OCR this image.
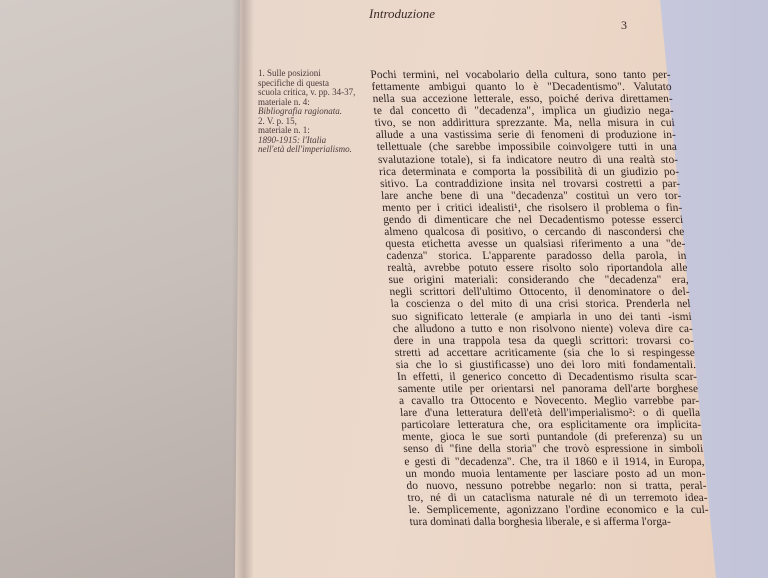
Introduzione
3
1. Sulle posizioni
specifiche di questa
scuola critica, v. pp. 34-37,
materiale n. 4:
Bibliografia ragionata.
2. V. p. 15,
materiale n. 1:
1890-1915: l'Italia
nell'età dell'imperialismo.
Pochi termini, nel vocabolario della cultura, sono tanto per-
fettamente ambigui quanto lo è "Decadentismo". Valutato
nella sua accezione letterale, esso, poiché deriva direttamen-
te dal concetto di "decadenza", implica un giudizio nega-
tivo, se non addirittura sprezzante. Ma, nella misura in cui
allude a una vastissima serie di fenomeni di produzione in-
tellettuale (che sarebbe impossibile coinvolgere tutti in una
svalutazione totale), si fa indicatore neutro di una realtà sto-
rica determinata e comporta la possibilità di un giudizio po-
sitivo. La contraddizione insita nel trovarsi costretti a par-
lare anche bene di una "decadenza" costituì un vero tor-
mento per i critici idealisti¹, che risolsero il problema o fin-
gendo di dimenticare che nel Decadentismo potesse esserci
almeno qualcosa di positivo, o cercando di nascondersi che
questa etichetta avesse un qualsiasi riferimento a una "de-
cadenza" storica. L'apparente paradosso della parola, in
realtà, avrebbe potuto essere risolto solo riportandola alle
sue origini materiali: considerando che "decadenza" era,
negli scrittori dell'ultimo Ottocento, il denominatore o del-
la coscienza o del mito di una crisi storica. Prenderla nel
suo significato letterale (e ampiarla in uno dei tanti -ismi
che alludono a tutto e non risolvono niente) voleva dire ca-
dere in una trappola tesa da quegli scrittori: trovarsi co-
stretti ad accettare acriticamente (sia che lo si respingesse
sia che lo si giustificasse) uno dei loro miti fondamentali.
In effetti, il generico concetto di Decadentismo risulta scar-
samente utile per orientarsi nel panorama dell'arte borghese
a cavallo tra Ottocento e Novecento. Meglio varrebbe par-
lare d'una letteratura dell'età dell'imperialismo²: o di quella
particolare letteratura che, ora esplicitamente ora implicita-
mente, gioca le sue sorti puntandole (di preferenza) su un
senso di "fine della storia" che trovò espressione in simboli
e gesti di "decadenza". Che, tra il 1860 e il 1914, in Europa,
un mondo muoia lentamente per lasciare posto ad un mon-
do nuovo, nessuno potrebbe negarlo: non si tratta, peral-
tro, né di un cataclisma naturale né di un terremoto idea-
le. Semplicemente, agonizzano l'ordine economico e la cul-
tura dominati dalla borghesia liberale, e si afferma l'orga-
